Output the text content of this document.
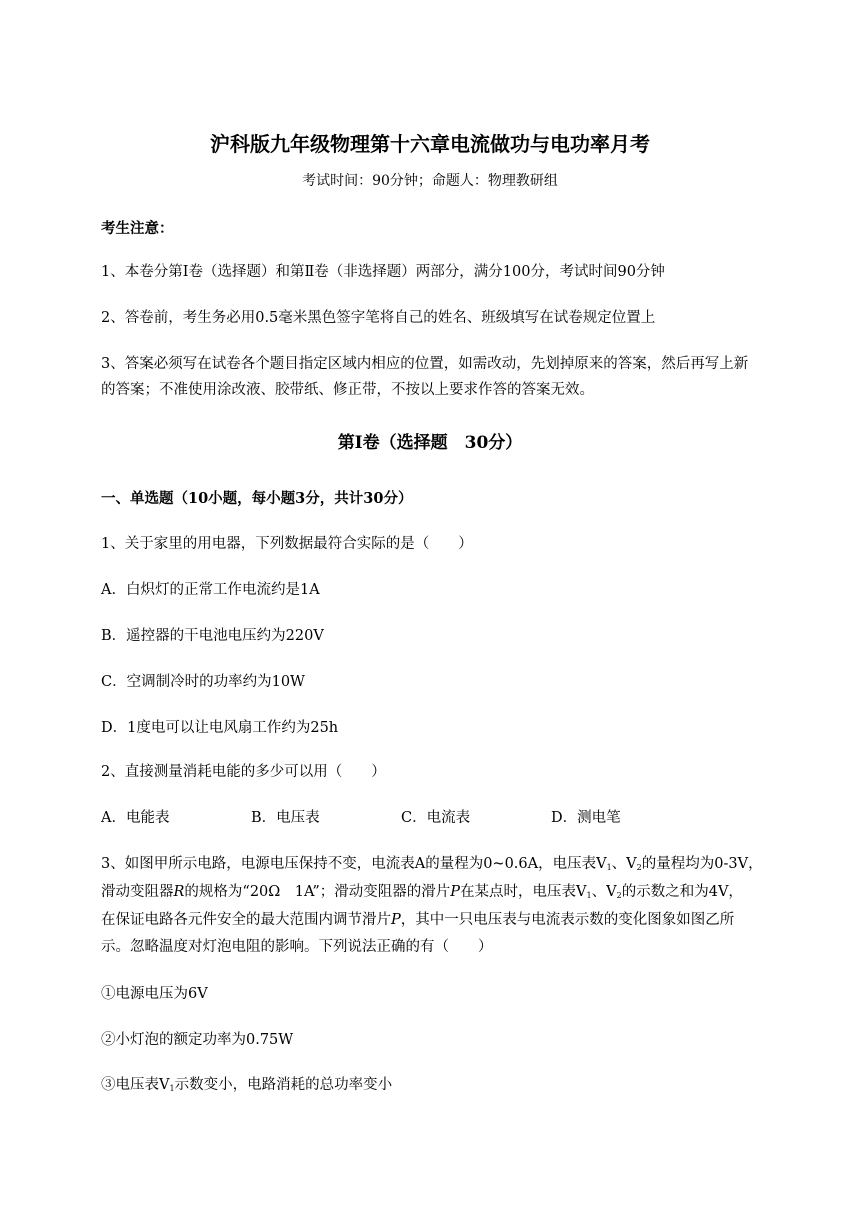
沪科版九年级物理第十六章电流做功与电功率月考
考试时间：90分钟；命题人：物理教研组
考生注意：
1、本卷分第Ⅰ卷（选择题）和第Ⅱ卷（非选择题）两部分，满分100分，考试时间90分钟
2、答卷前，考生务必用0.5毫米黑色签字笔将自己的姓名、班级填写在试卷规定位置上
3、答案必须写在试卷各个题目指定区域内相应的位置，如需改动，先划掉原来的答案，然后再写上新
的答案；不准使用涂改液、胶带纸、修正带，不按以上要求作答的答案无效。
第Ⅰ卷（选择题　30分）
一、单选题（10小题，每小题3分，共计30分）
1、关于家里的用电器，下列数据最符合实际的是（　　）
A．白炽灯的正常工作电流约是1A
B．遥控器的干电池电压约为220V
C．空调制冷时的功率约为10W
D．1度电可以让电风扇工作约为25h
2、直接测量消耗电能的多少可以用（　　）
A．电能表	B．电压表	C．电流表	D．测电笔
3、如图甲所示电路，电源电压保持不变，电流表A的量程为0~0.6A，电压表$V_1$、$V_2$的量程均为0-3V，
滑动变阻器R的规格为“20Ω　1A”；滑动变阻器的滑片P在某点时，电压表$V_1$、$V_2$的示数之和为4V，
在保证电路各元件安全的最大范围内调节滑片P，其中一只电压表与电流表示数的变化图象如图乙所
示。忽略温度对灯泡电阻的影响。下列说法正确的有（　　）
①电源电压为6V
②小灯泡的额定功率为0.75W
③电压表$V_1$示数变小，电路消耗的总功率变小
